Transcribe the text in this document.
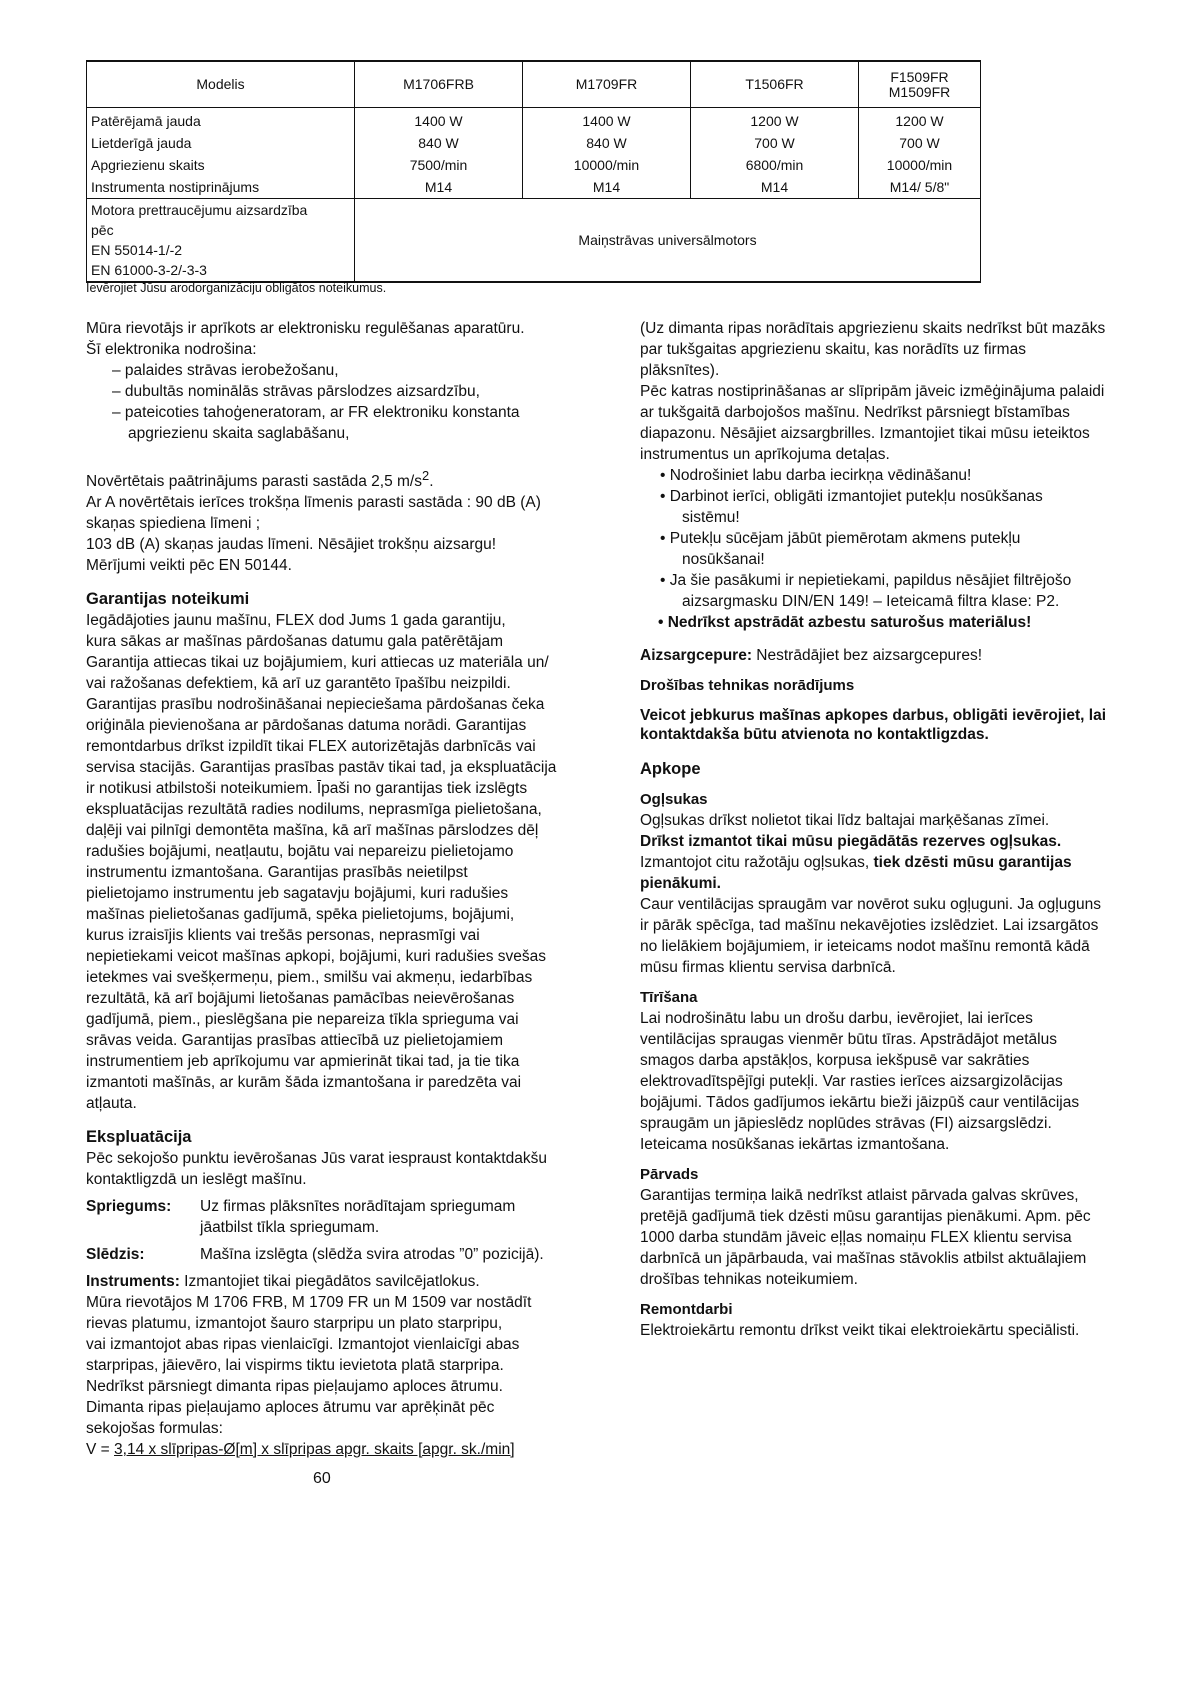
Modelis	M1706FRB	M1709FR	T1506FR	F1509FR
M1509FR
Patērējamā jauda	1400 W	1400 W	1200 W	1200 W
Lietderīgā jauda	840 W	840 W	700 W	700 W
Apgriezienu skaits	7500/min	10000/min	6800/min	10000/min
Instrumenta nostiprinājums	M14	M14	M14	M14/ 5/8"

Motora prettraucējumu aizsardzība
pēc
EN 55014-1/-2
EN 61000-3-2/-3-3	Maiņstrāvas universālmotors			
Ievērojiet Jūsu arodorganizāciju obligātos noteikumus.

Mūra rievotājs ir aprīkots ar elektronisku regulēšanas aparatūru.

Šī elektronika nodrošina:

– palaides strāvas ierobežošanu,

– dubultās nominālās strāvas pārslodzes aizsardzību,

– pateicoties tahoģeneratoram, ar FR elektroniku konstanta

apgriezienu skaita saglabāšanu,

Novērtētais paātrinājums parasti sastāda 2,5 $m/s^2$.

Ar A novērtētais ierīces trokšņa līmenis parasti sastāda : 90 dB (A)

skaņas spiediena līmeni ;

103 dB (A) skaņas jaudas līmeni. Nēsājiet trokšņu aizsargu!

Mērījumi veikti pēc EN 50144.

Garantijas noteikumi

Iegādājoties jaunu mašīnu, FLEX dod Jums 1 gada garantiju,

kura sākas ar mašīnas pārdošanas datumu gala patērētājam

Garantija attiecas tikai uz bojājumiem, kuri attiecas uz materiāla un/

vai ražošanas defektiem, kā arī uz garantēto īpašību neizpildi.

Garantijas prasību nodrošināšanai nepieciešama pārdošanas čeka

oriģināla pievienošana ar pārdošanas datuma norādi. Garantijas

remontdarbus drīkst izpildīt tikai FLEX autorizētajās darbnīcās vai

servisa stacijās. Garantijas prasības pastāv tikai tad, ja ekspluatācija

ir notikusi atbilstoši noteikumiem. Īpaši no garantijas tiek izslēgts

ekspluatācijas rezultātā radies nodilums, neprasmīga pielietošana,

daļēji vai pilnīgi demontēta mašīna, kā arī mašīnas pārslodzes dēļ

radušies bojājumi, neatļautu, bojātu vai nepareizu pielietojamo

instrumentu izmantošana. Garantijas prasībās neietilpst

pielietojamo instrumentu jeb sagatavju bojājumi, kuri radušies

mašīnas pielietošanas gadījumā, spēka pielietojums, bojājumi,

kurus izraisījis klients vai trešās personas, neprasmīgi vai

nepietiekami veicot mašīnas apkopi, bojājumi, kuri radušies svešas

ietekmes vai svešķermeņu, piem., smilšu vai akmeņu, iedarbības

rezultātā, kā arī bojājumi lietošanas pamācības neievērošanas

gadījumā, piem., pieslēgšana pie nepareiza tīkla sprieguma vai

srāvas veida. Garantijas prasības attiecībā uz pielietojamiem

instrumentiem jeb aprīkojumu var apmierināt tikai tad, ja tie tika

izmantoti mašīnās, ar kurām šāda izmantošana ir paredzēta vai

atļauta.

Ekspluatācija

Pēc sekojošo punktu ievērošanas Jūs varat iespraust kontaktdakšu

kontaktligzdā un ieslēgt mašīnu.

Spriegums:	Uz firmas plāksnītes norādītajam spriegumam

jāatbilst tīkla spriegumam.

Slēdzis:	Mašīna izslēgta (slēdža svira atrodas ”0” pozicijā).

Instruments: Izmantojiet tikai piegādātos savilcējatlokus.

Mūra rievotājos M 1706 FRB, M 1709 FR un M 1509 var nostādīt

rievas platumu, izmantojot šauro starpripu un plato starpripu,

vai izmantojot abas ripas vienlaicīgi. Izmantojot vienlaicīgi abas

starpripas, jāievēro, lai vispirms tiktu ievietota platā starpripa.

Nedrīkst pārsniegt dimanta ripas pieļaujamo aploces ātrumu.

Dimanta ripas pieļaujamo aploces ātrumu var aprēķināt pēc

sekojošas formulas:

V = 3,14 x slīpripas-Ø[m] x slīpripas apgr. skaits [apgr. sk./min]

60

(Uz dimanta ripas norādītais apgriezienu skaits nedrīkst būt mazāks

par tukšgaitas apgriezienu skaitu, kas norādīts uz firmas

plāksnītes).

Pēc katras nostiprināšanas ar slīpripām jāveic izmēģinājuma palaidi

ar tukšgaitā darbojošos mašīnu. Nedrīkst pārsniegt bīstamības

diapazonu. Nēsājiet aizsargbrilles. Izmantojiet tikai mūsu ieteiktos

instrumentus un aprīkojuma detaļas.

• Nodrošiniet labu darba iecirkņa vēdināšanu!

• Darbinot ierīci, obligāti izmantojiet putekļu nosūkšanas

sistēmu!

• Putekļu sūcējam jābūt piemērotam akmens putekļu

nosūkšanai!

• Ja šie pasākumi ir nepietiekami, papildus nēsājiet filtrējošo

aizsargmasku DIN/EN 149! – Ieteicamā filtra klase: P2.

• Nedrīkst apstrādāt azbestu saturošus materiālus!

Aizsargcepure: Nestrādājiet bez aizsargcepures!

Drošības tehnikas norādījums

Veicot jebkurus mašīnas apkopes darbus, obligāti ievērojiet, lai kontaktdakša būtu atvienota no kontaktligzdas.

Apkope
Ogļsukas

Ogļsukas drīkst nolietot tikai līdz baltajai marķēšanas zīmei.

Drīkst izmantot tikai mūsu piegādātās rezerves ogļsukas.

Izmantojot citu ražotāju ogļsukas, tiek dzēsti mūsu garantijas

pienākumi.

Caur ventilācijas spraugām var novērot suku ogļuguni. Ja ogļuguns

ir pārāk spēcīga, tad mašīnu nekavējoties izslēdziet. Lai izsargātos

no lielākiem bojājumiem, ir ieteicams nodot mašīnu remontā kādā

mūsu firmas klientu servisa darbnīcā.

Tīrīšana

Lai nodrošinātu labu un drošu darbu, ievērojiet, lai ierīces

ventilācijas spraugas vienmēr būtu tīras. Apstrādājot metālus

smagos darba apstākļos, korpusa iekšpusē var sakrāties

elektrovadītspējīgi putekļi. Var rasties ierīces aizsargizolācijas

bojājumi. Tādos gadījumos iekārtu bieži jāizpūš caur ventilācijas

spraugām un jāpieslēdz noplūdes strāvas (FI) aizsargslēdzi.

Ieteicama nosūkšanas iekārtas izmantošana.

Pārvads

Garantijas termiņa laikā nedrīkst atlaist pārvada galvas skrūves,

pretējā gadījumā tiek dzēsti mūsu garantijas pienākumi. Apm. pēc

1000 darba stundām jāveic eļļas nomaiņu FLEX klientu servisa

darbnīcā un jāpārbauda, vai mašīnas stāvoklis atbilst aktuālajiem

drošības tehnikas noteikumiem.

Remontdarbi

Elektroiekārtu remontu drīkst veikt tikai elektroiekārtu speciālisti.
